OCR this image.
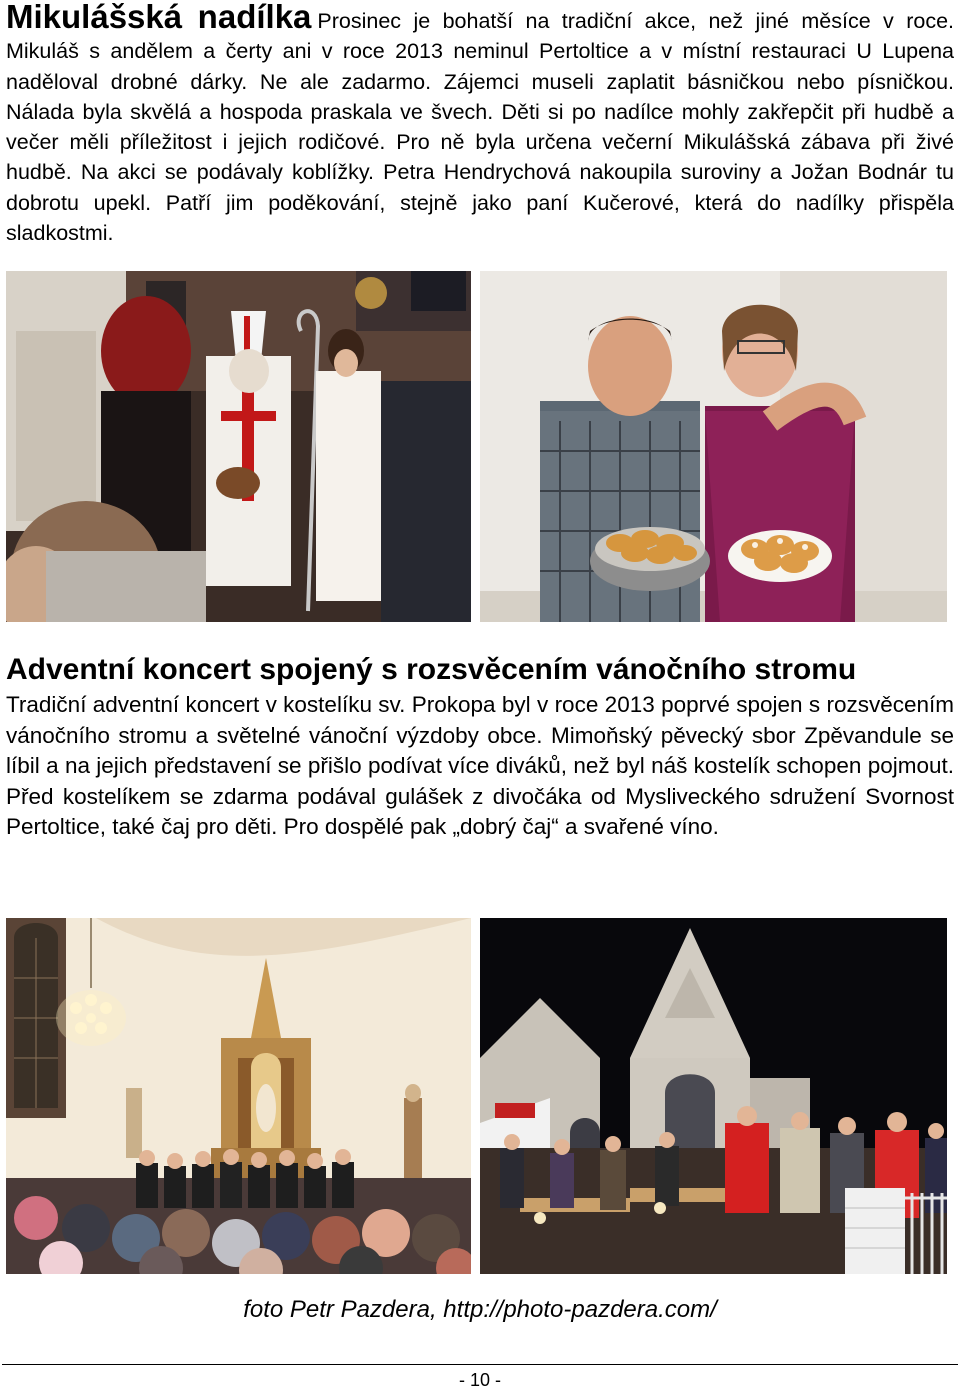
Mikulášská nadílka Prosinec je bohatší na tradiční akce, než jiné měsíce v roce. Mikuláš s andělem a čerty ani v roce 2013 neminul Pertoltice a v místní restauraci U Lupena naděloval drobné dárky. Ne ale zadarmo. Zájemci museli zaplatit básničkou nebo písničkou. Nálada byla skvělá a hospoda praskala ve švech. Děti si po nadílce mohly zakřepčit při hudbě a večer měli příležitost i jejich rodičové. Pro ně byla určena večerní Mikulášská zábava při živé hudbě. Na akci se podávaly koblížky. Petra Hendrychová nakoupila suroviny a Jožan Bodnár tu dobrotu upekl. Patří jim poděkování, stejně jako paní Kučerové, která do nadílky přispěla sladkostmi.
Adventní koncert spojený s rozsvěcením vánočního stromu

Tradiční adventní koncert v kostelíku sv. Prokopa byl v roce 2013 poprvé spojen s rozsvěcením vánočního stromu a světelné vánoční výzdoby obce. Mimoňský pěvecký sbor Zpěvandule se líbil a na jejich představení se přišlo podívat více diváků, než byl náš kostelík schopen pojmout. Před kostelíkem se zdarma podával gulášek z divočáka od Mysliveckého sdružení Svornost Pertoltice, také čaj pro děti. Pro dospělé pak „dobrý čaj“ a svařené víno.

foto Petr Pazdera, http://photo-pazdera.com/
- 10 -
